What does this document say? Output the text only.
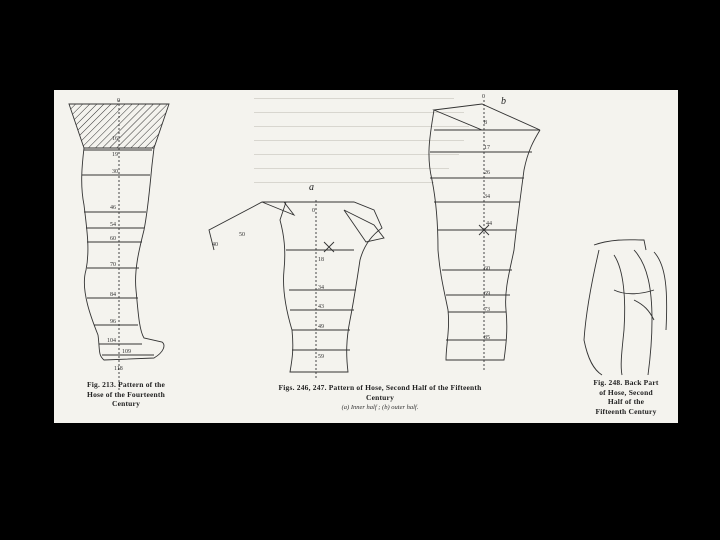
a
b
0
16
19
30
46
54
60
70
84
96
104
109
118
0
18
34
43
49
59
40
50
0
8
17
26
34
44
60
69
73
85
Fig. 213. Pattern of the
Hose of the Fourteenth
Century
Figs. 246, 247. Pattern of Hose, Second Half of the Fifteenth
Century
(a) Inner half ; (b) outer half.
Fig. 248. Back Part
of Hose, Second
Half of the
Fifteenth Century
